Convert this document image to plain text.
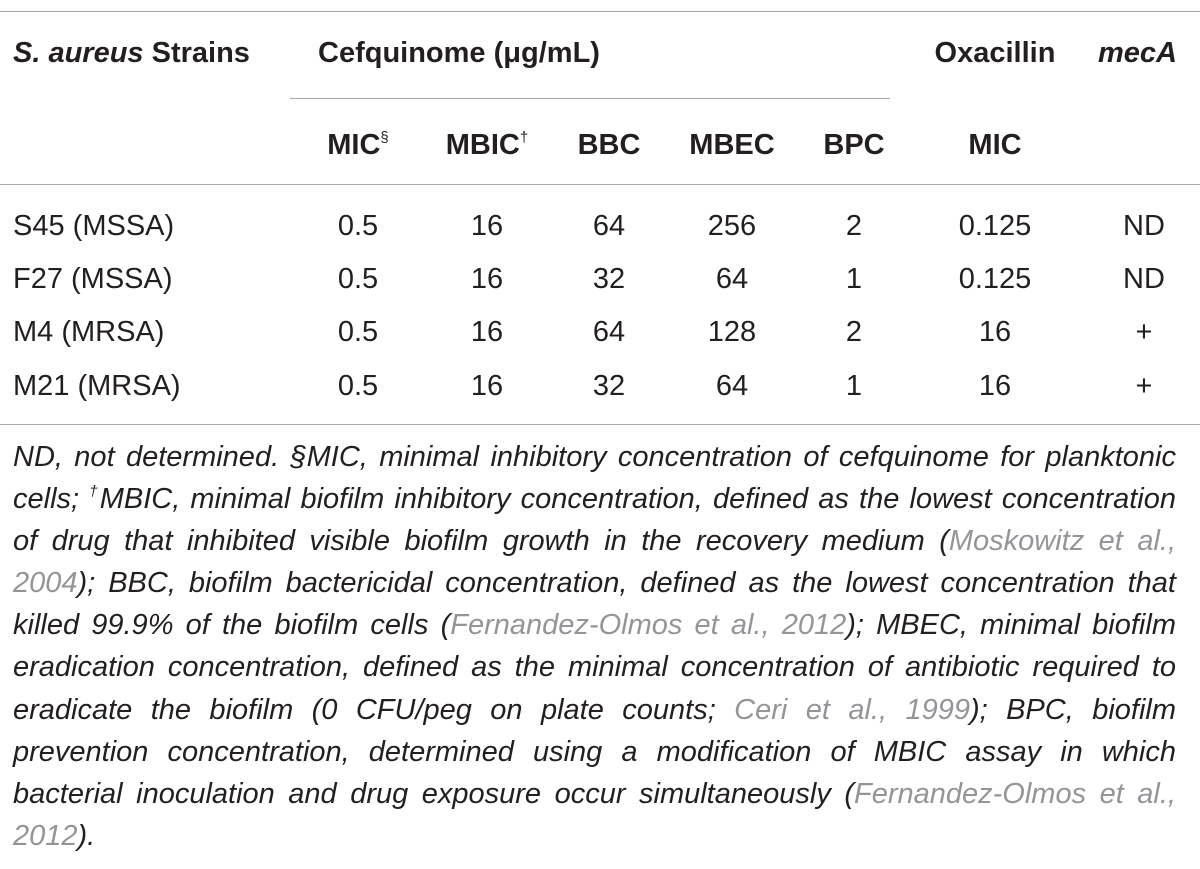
S. aureus Strains Cefquinome (μg/mL)	Oxacillin mecA
MIC§ MBIC† BBC MBEC BPC	MIC
S45 (MSSA)	0.5	16	64	256	2	0.125	ND
F27 (MSSA)	0.5	16	32	64	1	0.125	ND
M4 (MRSA)	0.5	16	64	128	2	16	+
M21 (MRSA)	0.5	16	32	64	1	16	+
ND, not determined. §MIC, minimal inhibitory concentration of cefquinome for planktonic cells; †MBIC, minimal biofilm inhibitory concentration, defined as the lowest concentration of drug that inhibited visible biofilm growth in the recovery medium (Moskowitz et al., 2004); BBC, biofilm bactericidal concentration, defined as the lowest concentration that killed 99.9% of the biofilm cells (Fernandez-Olmos et al., 2012); MBEC, minimal biofilm eradication concentration, defined as the minimal concentration of antibiotic required to eradicate the biofilm (0 CFU/peg on plate counts; Ceri et al., 1999); BPC, biofilm prevention concentration, determined using a modification of MBIC assay in which bacterial inoculation and drug exposure occur simultaneously (Fernandez-Olmos et al., 2012).
